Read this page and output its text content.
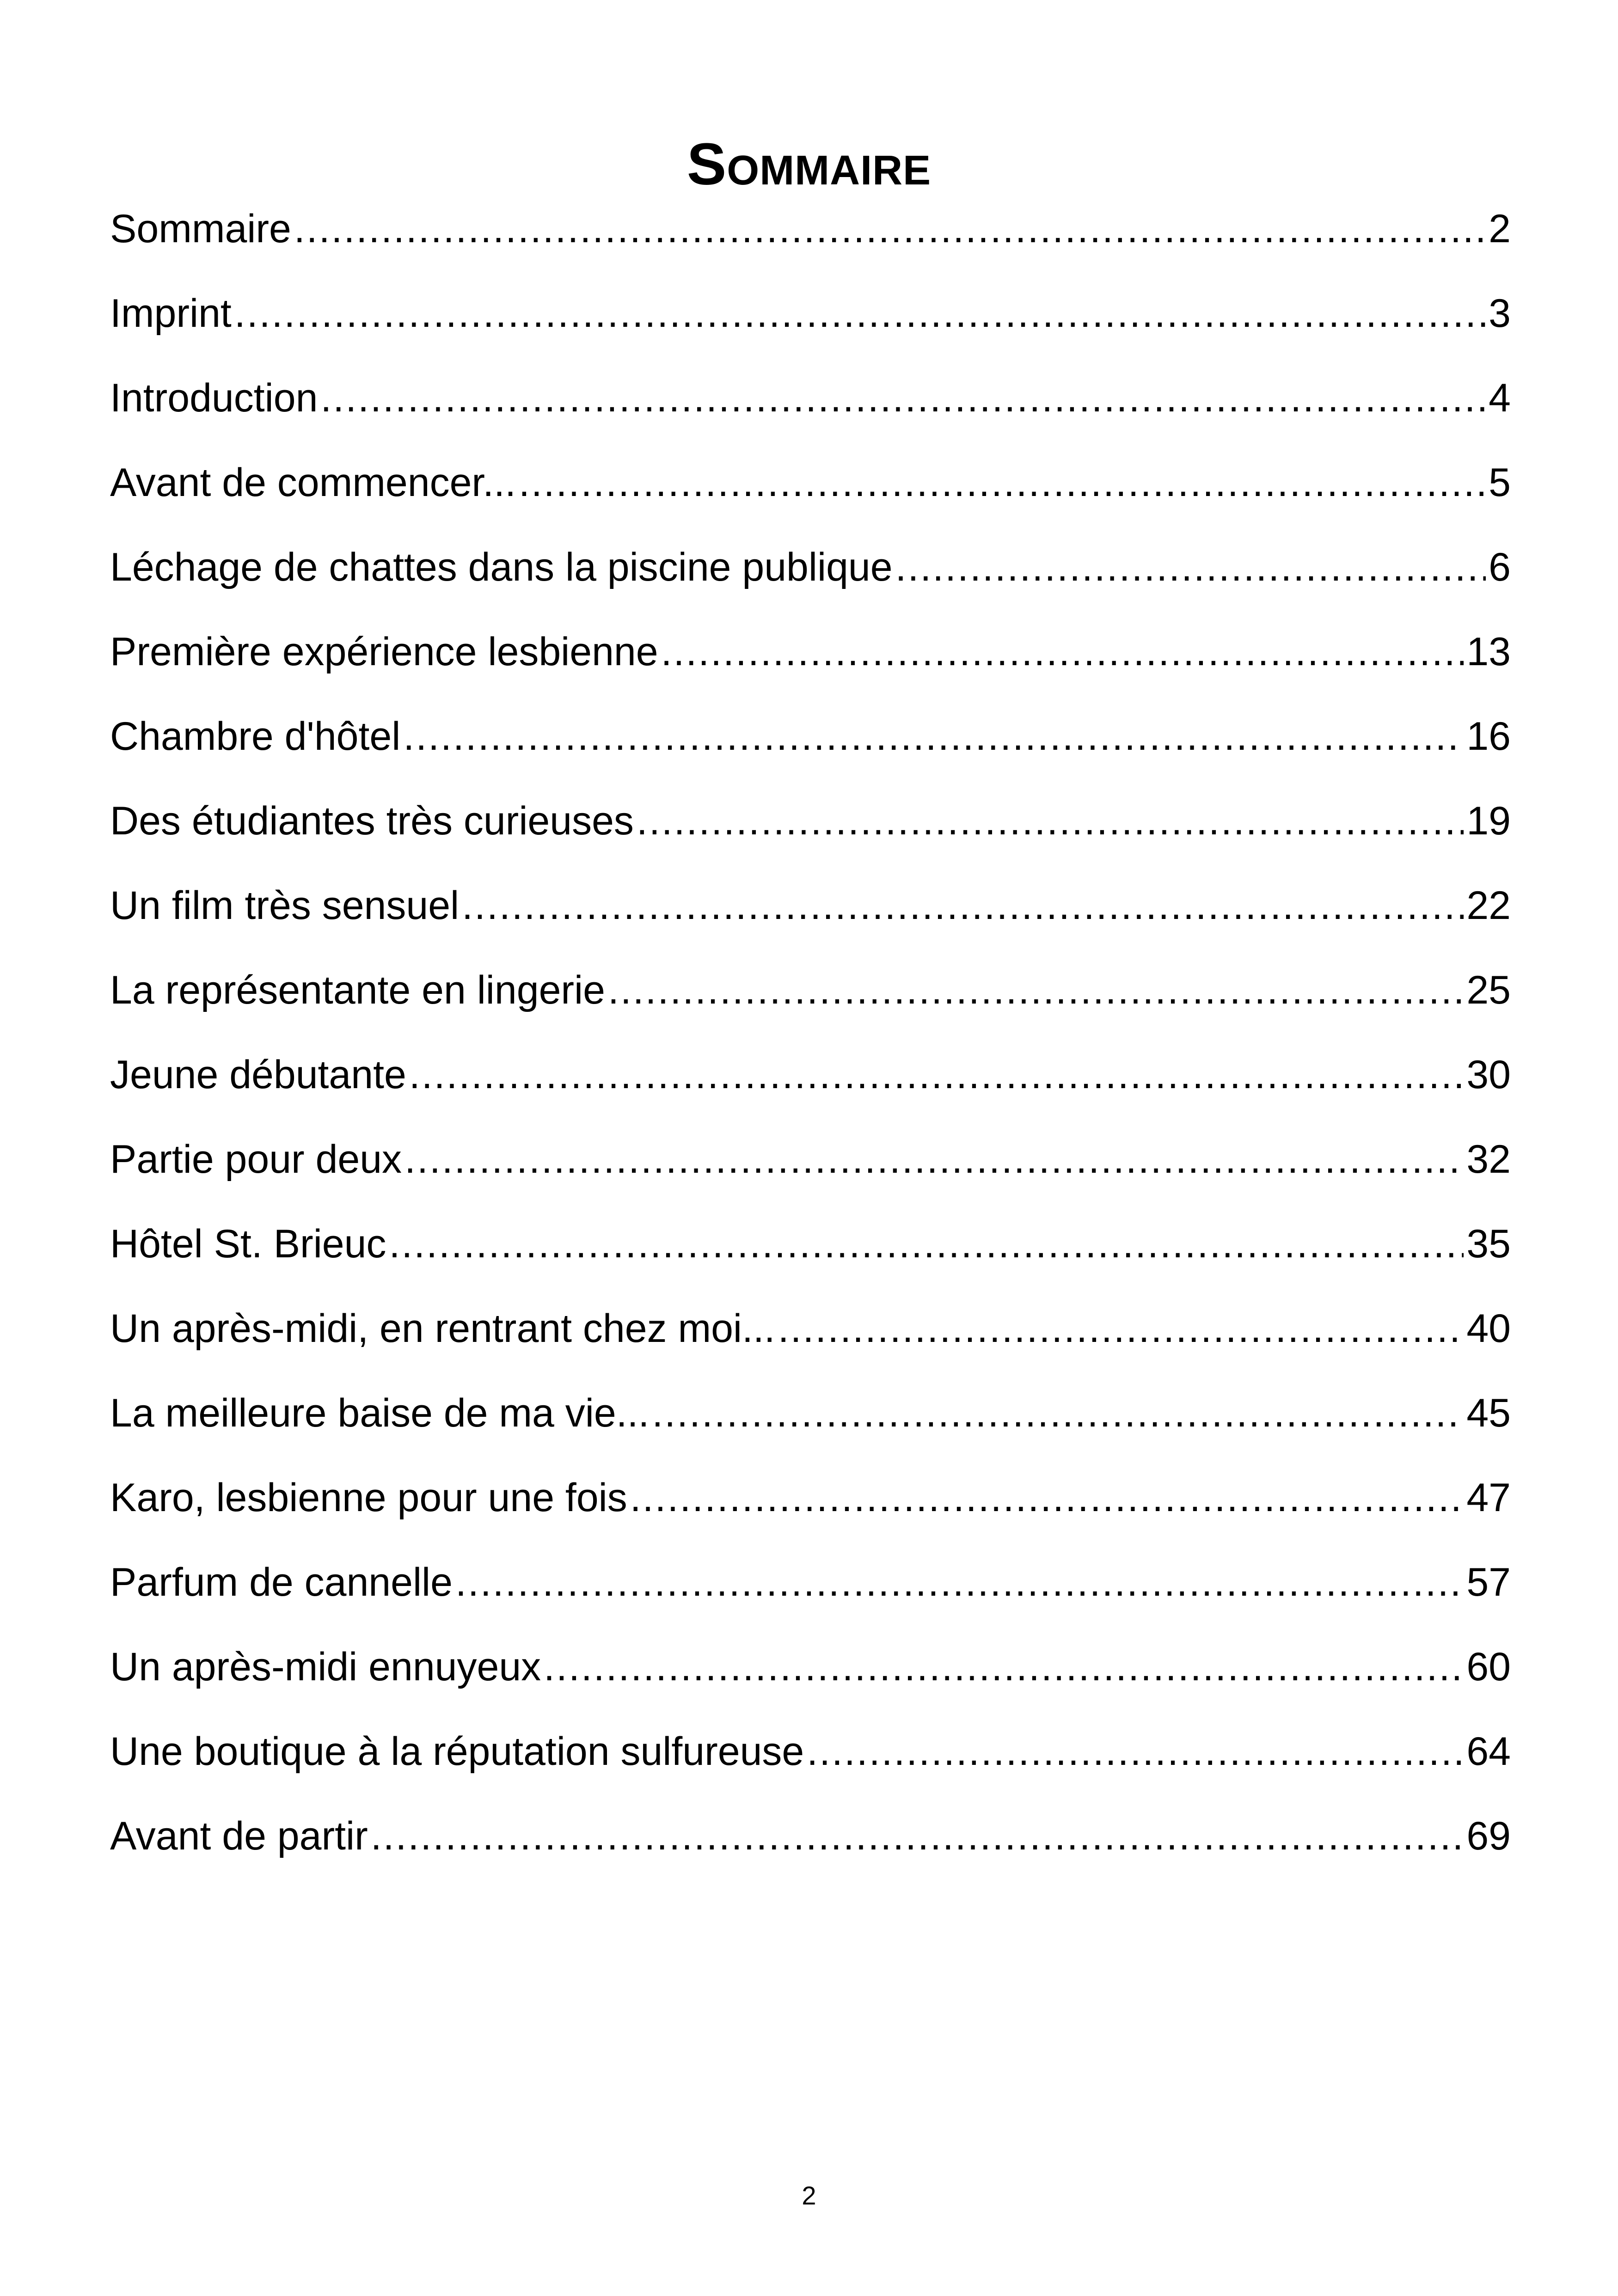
Sommaire
Sommaire .....	2
Imprint .....	3
Introduction .....	4
Avant de commencer... .....	5
Léchage de chattes dans la piscine publique .....	6
Première expérience lesbienne .....	13
Chambre d'hôtel .....	16
Des étudiantes très curieuses .....	19
Un film très sensuel .....	22
La représentante en lingerie .....	25
Jeune débutante .....	30
Partie pour deux .....	32
Hôtel St. Brieuc .....	35
Un après-midi, en rentrant chez moi... .....	40
La meilleure baise de ma vie... .....	45
Karo, lesbienne pour une fois .....	47
Parfum de cannelle .....	57
Un après-midi ennuyeux .....	60
Une boutique à la réputation sulfureuse .....	64
Avant de partir .....	69
2
